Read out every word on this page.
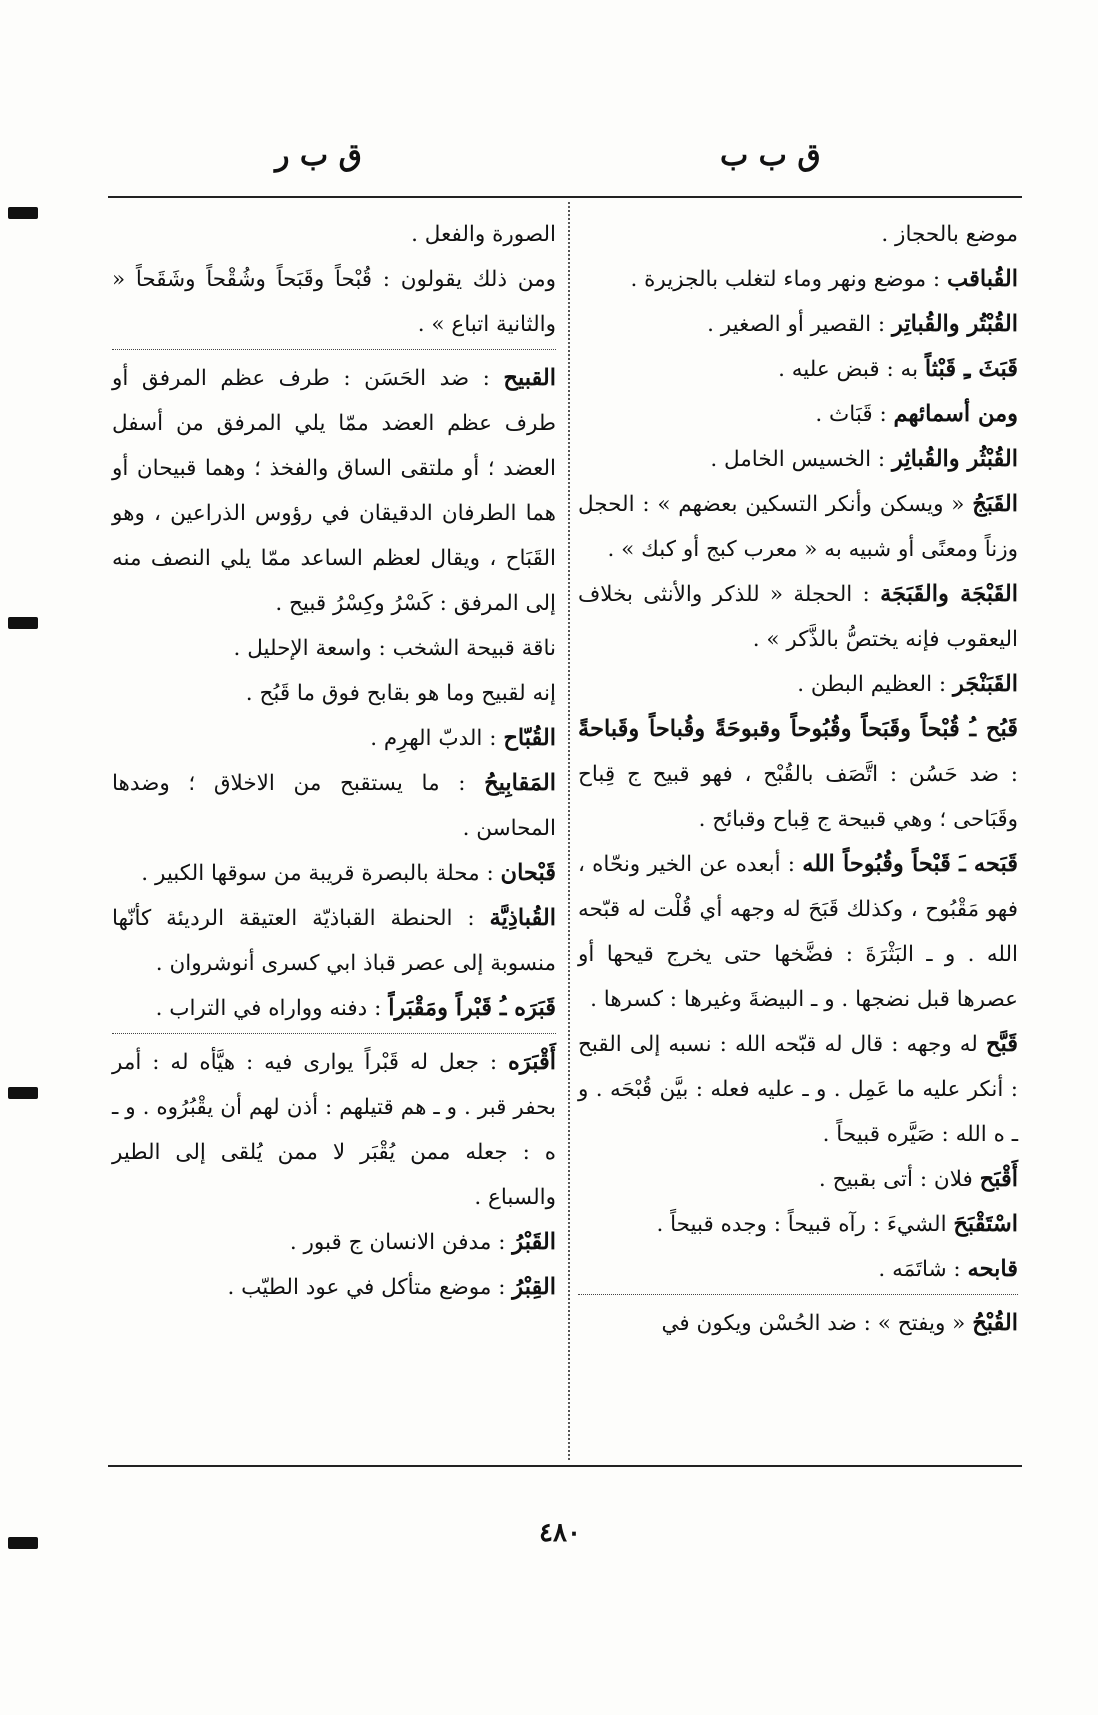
ق ب ب
ق ب ر

موضع بالحجاز .

القُباقب : موضع ونهر وماء لتغلب بالجزيرة .

القُبْتُر والقُباتِر : القصير أو الصغير .

قَبَثَ ـِ قَبْثاً به : قبض عليه .

ومن أسمائهم : قَبَاث .

القُبْثُر والقُباثِر : الخسيس الخامل .

القَبَجُ « ويسكن وأنكر التسكين بعضهم » : الحجل وزناً ومعنًى أو شبيه به « معرب كبج أو كبك » .

القَبْجَة والقَبَجَة : الحجلة « للذكر والأنثى بخلاف اليعقوب فإنه يختصُّ بالذَّكر » .

القَبَنْجَر : العظيم البطن .

قَبُح ـُ قُبْحاً وقَبَحاً وقُبُوحاً وقبوحَةً وقُباحاً وقَباحةً : ضد حَسُن : اتَّصَف بالقُبْح ، فهو قبيح ج قِباح وقَبَاحى ؛ وهي قبيحة ج قِباح وقبائح .

قَبَحه ـَ قَبْحاً وقُبُوحاً الله : أبعده عن الخير ونحّاه ، فهو مَقْبُوح ، وكذلك قَبَحَ له وجهه أي قُلْت له قبّحه الله . و ـ البَثْرَةَ : فضَّخها حتى يخرج قيحها أو عصرها قبل نضجها . و ـ البيضةَ وغيرها : كسرها .

قَبَّح له وجهه : قال له قبّحه الله : نسبه إلى القبح : أنكر عليه ما عَمِل . و ـ عليه فعله : بيَّن قُبْحَه . و ـ ه الله : صَيَّره قبيحاً .

أَقْبَح فلان : أتى بقبيح .

اسْتَقْبَحَ الشيءَ : رآه قبيحاً : وجده قبيحاً .

قابحه : شاتَمَه .

القُبْحُ « ويفتح » : ضد الحُسْن ويكون في

الصورة والفعل .

ومن ذلك يقولون : قُبْحاً وقَبَحاً وشُقْحاً وشَقَحاً « والثانية اتباع » .

القبيح : ضد الحَسَن : طرف عظم المرفق أو طرف عظم العضد ممّا يلي المرفق من أسفل العضد ؛ أو ملتقى الساق والفخذ ؛ وهما قبيحان أو هما الطرفان الدقيقان في رؤوس الذراعين ، وهو القَبَاح ، ويقال لعظم الساعد ممّا يلي النصف منه إلى المرفق : كَسْرُ وكِسْرُ قبيح .

ناقة قبيحة الشخب : واسعة الإحليل .

إنه لقبيح وما هو بقابح فوق ما قَبُح .

القُبّاح : الدبّ الهرِم .

المَقابِيحُ : ما يستقبح من الاخلاق ؛ وضدها المحاسن .

قَبْحان : محلة بالبصرة قريبة من سوقها الكبير .

القُباذِيَّة : الحنطة القباذيّة العتيقة الرديئة كأنّها منسوبة إلى عصر قباذ ابي كسرى أنوشروان .

قَبَرَه ـُ قَبْراً ومَقْبَراً : دفنه وواراه في التراب .

أَقْبَرَه : جعل له قَبْراً يوارى فيه : هيَّأه له : أمر بحفر قبر . و ـ هم قتيلهم : أذن لهم أن يقْبُرُوه . و ـ ه : جعله ممن يُقْبَر لا ممن يُلقى إلى الطير والسباع .

القَبْرُ : مدفن الانسان ج قبور .

القِبْرُ : موضع متأكل في عود الطيّب .

٤٨٠
